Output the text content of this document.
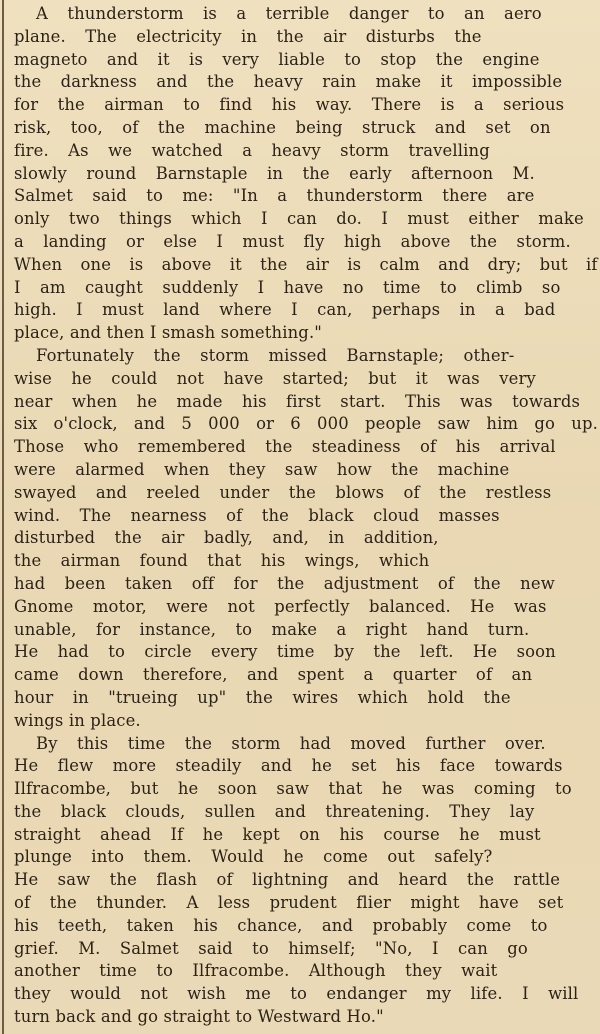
A thunderstorm is a terrible danger to an aero
plane. The electricity in the air disturbs the
magneto and it is very liable to stop the engine
the darkness and the heavy rain make it impossible
for the airman to find his way. There is a serious
risk, too, of the machine being struck and set on
fire. As we watched a heavy storm travelling
slowly round Barnstaple in the early afternoon M.
Salmet said to me: "In a thunderstorm there are
only two things which I can do. I must either make
a landing or else I must fly high above the storm.
When one is above it the air is calm and dry; but if
I am caught suddenly I have no time to climb so
high. I must land where I can, perhaps in a bad
place, and then I smash something."
Fortunately the storm missed Barnstaple; other-
wise he could not have started; but it was very
near when he made his first start. This was towards
six o'clock, and 5 000 or 6 000 people saw him go up.
Those who remembered the steadiness of his arrival
were alarmed when they saw how the machine
swayed and reeled under the blows of the restless
wind. The nearness of the black cloud masses
disturbed the air badly, and, in addition,
the airman found that his wings, which
had been taken off for the adjustment of the new
Gnome motor, were not perfectly balanced. He was
unable, for instance, to make a right hand turn.
He had to circle every time by the left. He soon
came down therefore, and spent a quarter of an
hour in "trueing up" the wires which hold the
wings in place.
By this time the storm had moved further over.
He flew more steadily and he set his face towards
Ilfracombe, but he soon saw that he was coming to
the black clouds, sullen and threatening. They lay
straight ahead If he kept on his course he must
plunge into them. Would he come out safely?
He saw the flash of lightning and heard the rattle
of the thunder. A less prudent flier might have set
his teeth, taken his chance, and probably come to
grief. M. Salmet said to himself; "No, I can go
another time to Ilfracombe. Although they wait
they would not wish me to endanger my life. I will
turn back and go straight to Westward Ho."
